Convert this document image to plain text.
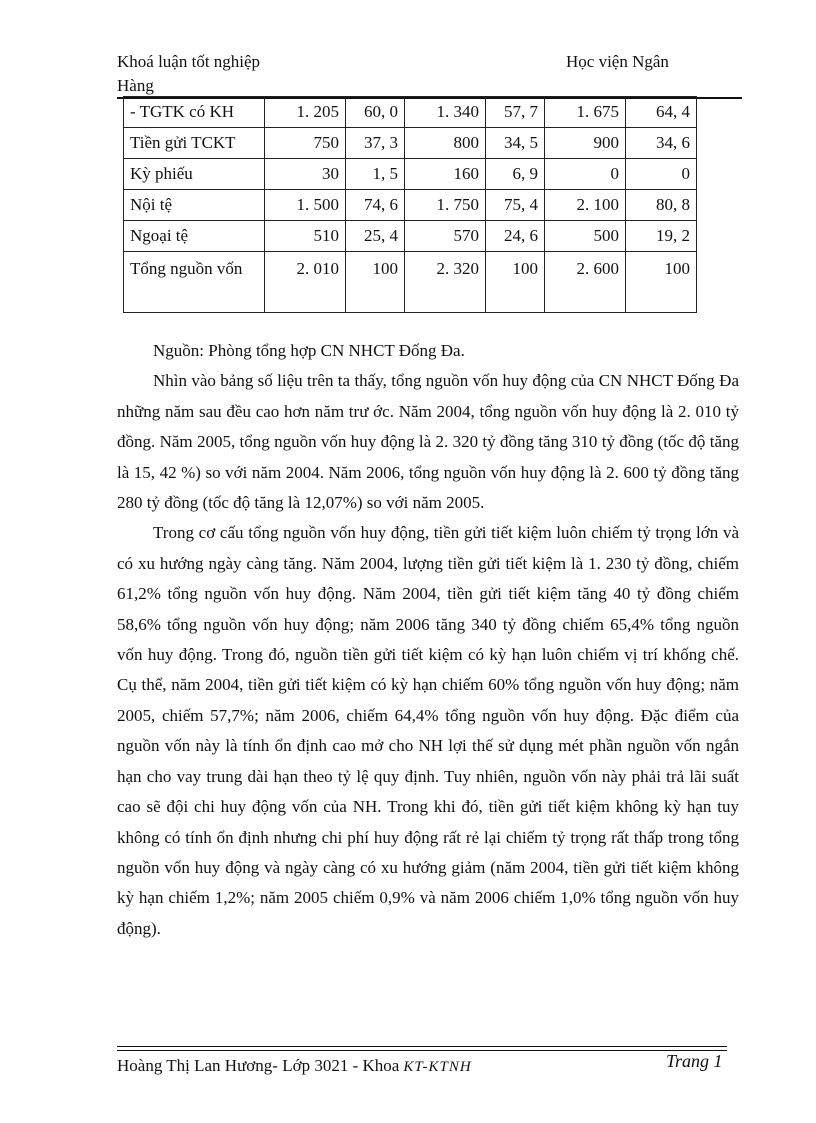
Khoá luận tốt nghiệp
Hàng
Học viện Ngân
- TGTK có KH	1. 205	60, 0	1. 340	57, 7	1. 675	64, 4
Tiền gửi TCKT	750	37, 3	800	34, 5	900	34, 6
Kỳ phiếu	30	1, 5	160	6, 9	0	0
Nội tệ	1. 500	74, 6	1. 750	75, 4	2. 100	80, 8
Ngoại tệ	510	25, 4	570	24, 6	500	19, 2
Tổng nguồn vốn	2. 010	100	2. 320	100	2. 600	100

Nguồn: Phòng tổng hợp CN NHCT Đống Đa.

Nhìn vào bảng số liệu trên ta thấy, tổng nguồn vốn huy động của CN NHCT Đống Đa những năm sau đều cao hơn năm trư ớc. Năm 2004, tổng nguồn vốn huy động là 2. 010 tỷ đồng. Năm 2005, tổng nguồn vốn huy động là 2. 320 tỷ đồng tăng 310 tỷ đồng (tốc độ tăng là 15, 42 %) so với năm 2004. Năm 2006, tổng nguồn vốn huy động là 2. 600 tỷ đồng tăng 280 tỷ đồng (tốc độ tăng là 12,07%) so với năm 2005.

Trong cơ cấu tổng nguồn vốn huy động, tiền gửi tiết kiệm luôn chiếm tỷ trọng lớn và có xu hướng ngày càng tăng. Năm 2004, lượng tiền gửi tiết kiệm là 1. 230 tỷ đồng, chiếm 61,2% tổng nguồn vốn huy động. Năm 2004, tiền gửi tiết kiệm tăng 40 tỷ đồng chiếm 58,6% tổng nguồn vốn huy động; năm 2006 tăng 340 tỷ đồng chiếm 65,4% tổng nguồn vốn huy động. Trong đó, nguồn tiền gửi tiết kiệm có kỳ hạn luôn chiếm vị trí khống chế. Cụ thể, năm 2004, tiền gửi tiết kiệm có kỳ hạn chiếm 60% tổng nguồn vốn huy động; năm 2005, chiếm 57,7%; năm 2006, chiếm 64,4% tổng nguồn vốn huy động. Đặc điểm của nguồn vốn này là tính ổn định cao mở cho NH lợi thế sử dụng mét phần nguồn vốn ngắn hạn cho vay trung dài hạn theo tỷ lệ quy định. Tuy nhiên, nguồn vốn này phải trả lãi suất cao sẽ đội chi huy động vốn của NH. Trong khi đó, tiền gửi tiết kiệm không kỳ hạn tuy không có tính ổn định nhưng chi phí huy động rất rẻ lại chiếm tỷ trọng rất thấp trong tổng nguồn vốn huy động và ngày càng có xu hướng giảm (năm 2004, tiền gửi tiết kiệm không kỳ hạn chiếm 1,2%; năm 2005 chiếm 0,9% và năm 2006 chiếm 1,0% tổng nguồn vốn huy động).

Hoàng Thị Lan Hương- Lớp 3021 - Khoa KT-KTNH	Trang 1
